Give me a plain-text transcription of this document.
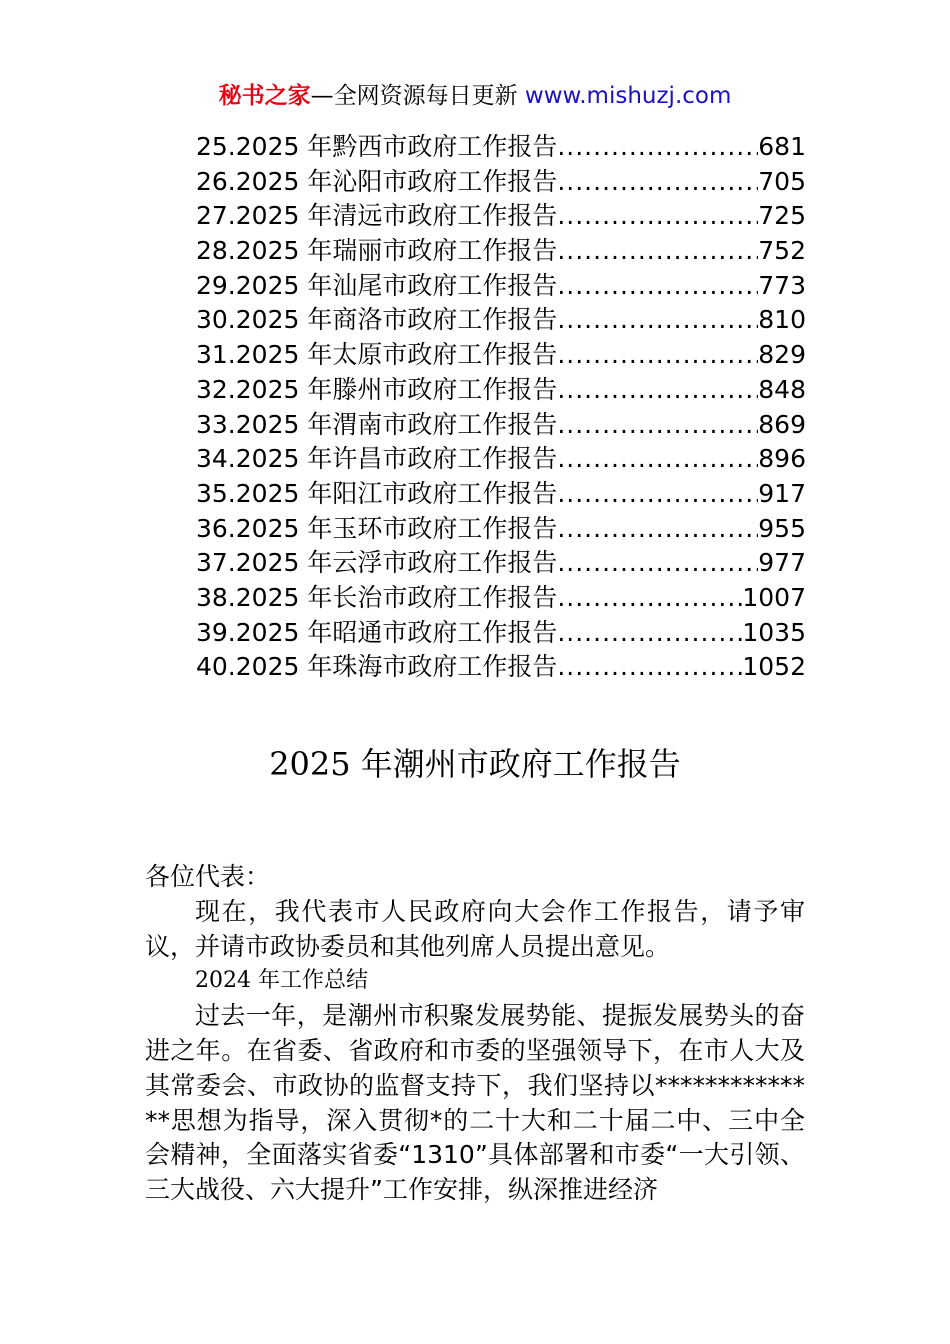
秘书之家—全网资源每日更新 www.mishuzj.com
25.2025 年黔西市政府工作报告 .....	681
26.2025 年沁阳市政府工作报告 .....	705
27.2025 年清远市政府工作报告 .....	725
28.2025 年瑞丽市政府工作报告 .....	752
29.2025 年汕尾市政府工作报告 .....	773
30.2025 年商洛市政府工作报告 .....	810
31.2025 年太原市政府工作报告 .....	829
32.2025 年滕州市政府工作报告 .....	848
33.2025 年渭南市政府工作报告 .....	869
34.2025 年许昌市政府工作报告 .....	896
35.2025 年阳江市政府工作报告 .....	917
36.2025 年玉环市政府工作报告 .....	955
37.2025 年云浮市政府工作报告 .....	977
38.2025 年长治市政府工作报告 .....	1007
39.2025 年昭通市政府工作报告 .....	1035
40.2025 年珠海市政府工作报告 .....	1052
2025 年潮州市政府工作报告

各位代表：

现在，我代表市人民政府向大会作工作报告，请予审议，并请市政协委员和其他列席人员提出意见。

2024 年工作总结

过去一年，是潮州市积聚发展势能、提振发展势头的奋进之年。在省委、省政府和市委的坚强领导下，在市人大及其常委会、市政协的监督支持下，我们坚持以**************思想为指导，深入贯彻*的二十大和二十届二中、三中全会精神，全面落实省委“1310”具体部署和市委“一大引领、三大战役、六大提升”工作安排，纵深推进经济
